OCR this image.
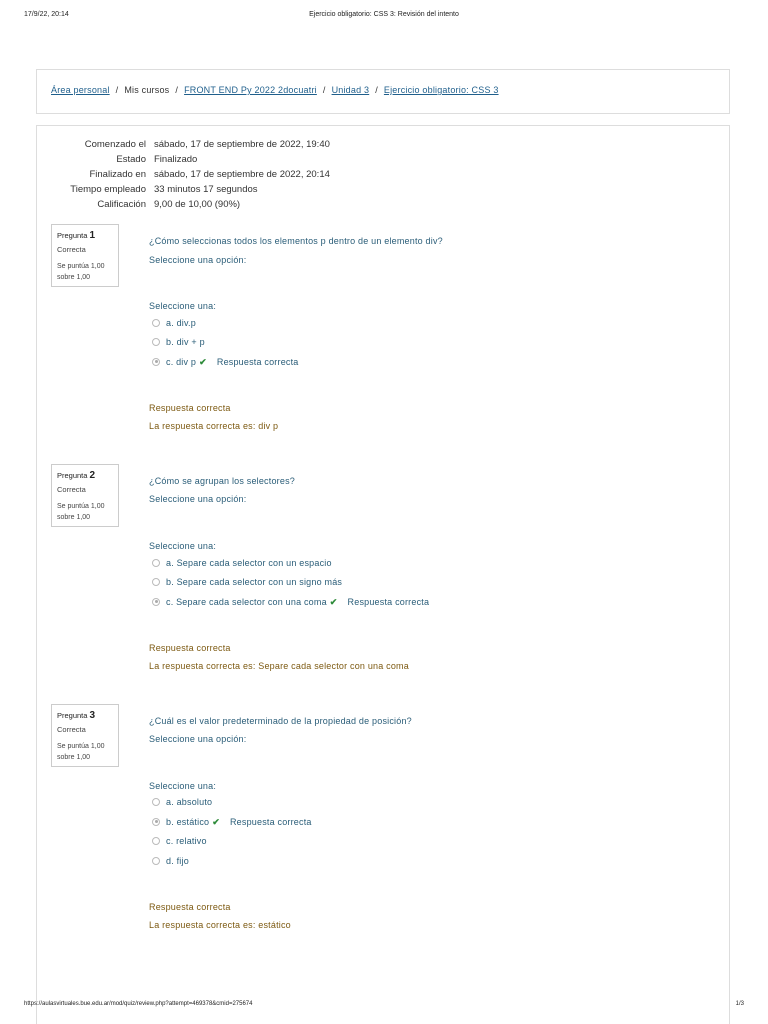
17/9/22, 20:14	Ejercicio obligatorio: CSS 3: Revisión del intento
Área personal / Mis cursos / FRONT END Py 2022 2docuatri / Unidad 3 / Ejercicio obligatorio: CSS 3
Comenzado el sábado, 17 de septiembre de 2022, 19:40
Estado Finalizado
Finalizado en sábado, 17 de septiembre de 2022, 20:14
Tiempo empleado 33 minutos 17 segundos
Calificación 9,00 de 10,00 (90%)
Pregunta 1
Correcta
Se puntúa 1,00
sobre 1,00
¿Cómo seleccionas todos los elementos p dentro de un elemento div?
Seleccione una opción:
Seleccione una:
a. div.p
b. div + p
c. div p ✔ Respuesta correcta
Respuesta correcta
La respuesta correcta es: div p
Pregunta 2
Correcta
Se puntúa 1,00
sobre 1,00
¿Cómo se agrupan los selectores?
Seleccione una opción:
Seleccione una:
a. Separe cada selector con un espacio
b. Separe cada selector con un signo más
c. Separe cada selector con una coma ✔ Respuesta correcta
Respuesta correcta
La respuesta correcta es: Separe cada selector con una coma
Pregunta 3
Correcta
Se puntúa 1,00
sobre 1,00
¿Cuál es el valor predeterminado de la propiedad de posición?
Seleccione una opción:
Seleccione una:
a. absoluto
b. estático ✔ Respuesta correcta
c. relativo
d. fijo
Respuesta correcta
La respuesta correcta es: estático
https://aulasvirtuales.bue.edu.ar/mod/quiz/review.php?attempt=469378&cmid=275674	1/3
